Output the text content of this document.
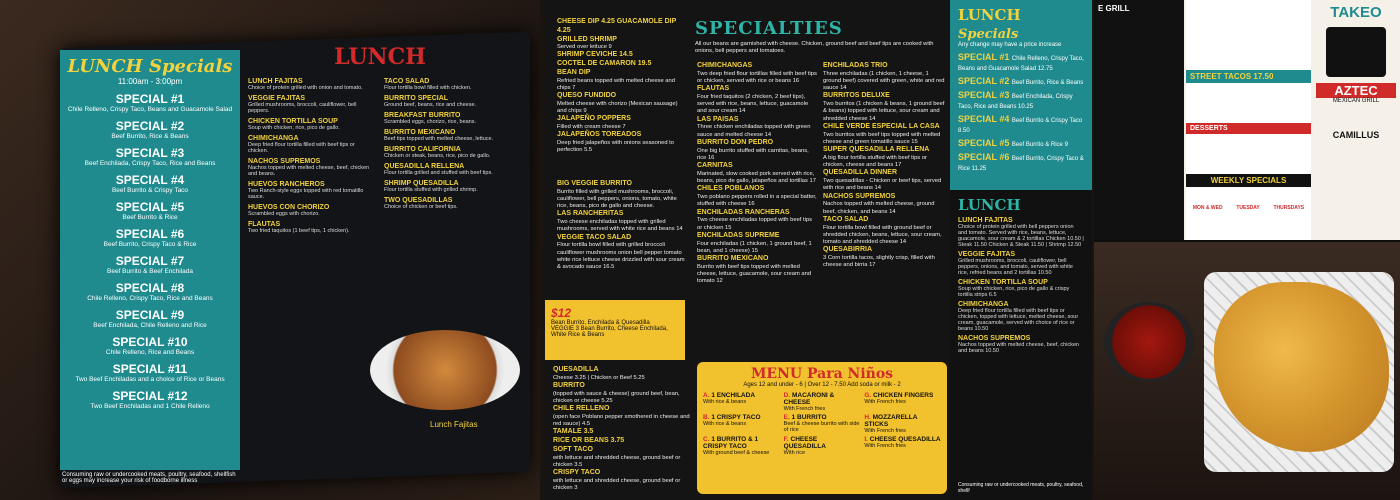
LUNCH Specials
11:00am - 3:00pm
SPECIAL #1
Chile Relleno, Crispy Taco, Beans and Guacamole Salad
SPECIAL #2
Beef Burrito, Rice & Beans
SPECIAL #3
Beef Enchilada, Crispy Taco, Rice and Beans
SPECIAL #4
Beef Burrito & Crispy Taco
SPECIAL #5
Beef Burrito & Rice
SPECIAL #6
Beef Burrito, Crispy Taco & Rice
SPECIAL #7
Beef Burrito & Beef Enchilada
SPECIAL #8
Chile Relleno, Crispy Taco, Rice and Beans
SPECIAL #9
Beef Enchilada, Chile Relleno and Rice
SPECIAL #10
Chile Relleno, Rice and Beans
SPECIAL #11
Two Beef Enchiladas and a choice of Rice or Beans
SPECIAL #12
Two Beef Enchiladas and 1 Chile Relleno
LUNCH
LUNCH FAJITAS
Choice of protein grilled with onion and tomato.
VEGGIE FAJITAS
Grilled mushrooms, broccoli, cauliflower, bell peppers.
CHICKEN TORTILLA SOUP
Soup with chicken, rice, pico de gallo.
CHIMICHANGA
Deep fried flour tortilla filled with beef tips or chicken.
NACHOS SUPREMOS
Nachos topped with melted cheese, beef, chicken and beans.
HUEVOS RANCHEROS
Two Ranch-style eggs topped with red tomatillo sauce.
HUEVOS CON CHORIZO
Scrambled eggs with chorizo.
FLAUTAS
Two fried taquitos (1 beef tips, 1 chicken).
TACO SALAD
Flour tortilla bowl filled with chicken.
BURRITO SPECIAL
Ground beef, beans, rice and cheese.
BREAKFAST BURRITO
Scrambled eggs, chorizo, rice, beans.
BURRITO MEXICANO
Beef tips topped with melted cheese, lettuce.
BURRITO CALIFORNIA
Chicken or steak, beans, rice, pico de gallo.
QUESADILLA RELLENA
Flour tortilla grilled and stuffed with beef tips.
SHRIMP QUESADILLA
Flour tortilla stuffed with grilled shrimp.
TWO QUESADILLAS
Choice of chicken or beef tips.
Lunch Fajitas
Consuming raw or undercooked meats, poultry, seafood, shellfish or eggs may increase your risk of foodborne illness
CHEESE DIP 4.25 GUACAMOLE DIP 4.25
GRILLED SHRIMP
Served over lettuce 9
SHRIMP CEVICHE 14.5
COCTEL DE CAMARON 19.5
BEAN DIP
Refried beans topped with melted cheese and chips 7
QUESO FUNDIDO
Melted cheese with chorizo (Mexican sausage) and chips 9
JALAPEÑO POPPERS
Filled with cream cheese 7
JALAPEÑOS TOREADOS
Deep fried jalapeños with onions seasoned to perfection 5.5
SPECIALTIES
All our beans are garnished with cheese. Chicken, ground beef and beef tips are cooked with onions, bell peppers and tomatoes.
BIG VEGGIE BURRITO
Burrito filled with grilled mushrooms, broccoli, cauliflower, bell peppers, onions, tomato, white rice, beans, pico de gallo and cheese.
LAS RANCHERITAS
Two cheese enchiladas topped with grilled mushrooms, served with white rice and beans 14
VEGGIE TACO SALAD
Flour tortilla bowl filled with grilled broccoli cauliflower mushrooms onion bell pepper tomato white rice lettuce cheese drizzled with sour cream & avocado sauce 16.5
CHIMICHANGAS
Two deep fried flour tortillas filled with beef tips or chicken, served with rice or beans 16
FLAUTAS
Four fried taquitos (2 chicken, 2 beef tips), served with rice, beans, lettuce, guacamole and sour cream 14
LAS PAISAS
Three chicken enchiladas topped with green sauce and melted cheese 14
BURRITO DON PEDRO
One big burrito stuffed with carnitas, beans, rice 16
CARNITAS
Marinated, slow cooked pork served with rice, beans, pico de gallo, jalapeños and tortillas 17
CHILES POBLANOS
Two poblano peppers rolled in a special batter, stuffed with cheese 16
ENCHILADAS RANCHERAS
Two cheese enchiladas topped with beef tips or chicken 15
ENCHILADAS SUPREME
Four enchiladas (1 chicken, 1 ground beef, 1 bean, and 1 cheese) 15
BURRITO MEXICANO
Burrito with beef tips topped with melted cheese, lettuce, guacamole, sour cream and tomato 12
ENCHILADAS TRIO
Three enchiladas (1 chicken, 1 cheese, 1 ground beef) covered with green, white and red sauce 14
BURRITOS DELUXE
Two burritos (1 chicken & beans, 1 ground beef & beans) topped with lettuce, sour cream and shredded cheese 14
CHILE VERDE ESPECIAL LA CASA
Two burritos with beef tips topped with melted cheese and green tomatillo sauce 15
SUPER QUESADILLA RELLENA
A big flour tortilla stuffed with beef tips or chicken, cheese and beans 17
QUESADILLA DINNER
Two quesadillas - Chicken or beef tips, served with rice and beans 14
NACHOS SUPREMOS
Nachos topped with melted cheese, ground beef, chicken, and beans 14
TACO SALAD
Flour tortilla bowl filled with ground beef or shredded chicken, beans, lettuce, sour cream, tomato and shredded cheese 14
QUESABIRRIA
3 Corn tortilla tacos, slightly crisp, filled with cheese and birria 17
$12
Bean Burrito, Enchilada & Quesadilla
VEGGIE 3 Bean Burrito, Cheese Enchilada, White Rice & Beans
QUESADILLA
Cheese 3.25 | Chicken or Beef 5.25
BURRITO
(topped with sauce & cheese) ground beef, bean, chicken or cheese 5.25
CHILE RELLENO
(open face Poblano pepper smothered in cheese and red sauce) 4.5
TAMALE 3.5
RICE OR BEANS 3.75
SOFT TACO
with lettuce and shredded cheese, ground beef or chicken 3.5
CRISPY TACO
with lettuce and shredded cheese, ground beef or chicken 3
MENU Para Niños
Ages 12 and under - 6 | Over 12 - 7.50 Add soda or milk - 2
A. 1 ENCHILADA
With rice & beans
D. MACARONI & CHEESE
With French fries
G. CHICKEN FINGERS
With French fries
B. 1 CRISPY TACO
With rice & beans
E. 1 BURRITO
Beef & cheese burrito with side of rice
H. MOZZARELLA STICKS
With French fries
C. 1 BURRITO & 1 CRISPY TACO
With ground beef & cheese
F. CHEESE QUESADILLA
With rice
I. CHEESE QUESADILLA
With French fries
LUNCH Specials
Any change may have a price increase
SPECIAL #1 Chile Relleno, Crispy Taco, Beans and Guacamole Salad 12.75
SPECIAL #2 Beef Burrito, Rice & Beans
SPECIAL #3 Beef Enchilada, Crispy Taco, Rice and Beans 10.25
SPECIAL #4 Beef Burrito & Crispy Taco 8.50
SPECIAL #5 Beef Burrito & Rice 9
SPECIAL #6 Beef Burrito, Crispy Taco & Rice 11.25
LUNCH
LUNCH FAJITAS
Choice of protein grilled with bell peppers onion and tomato. Served with rice, beans, lettuce, guacamole, sour cream & 2 tortillas Chicken 10.50 | Steak 11.50 Chicken & Steak 11.50 | Shrimp 12.50
VEGGIE FAJITAS
Grilled mushrooms, broccoli, cauliflower, bell peppers, onions, and tomato, served with white rice, refried beans and 2 tortillas 10.50
CHICKEN TORTILLA SOUP
Soup with chicken, rice, pico de gallo & crispy tortilla strips 6.5
CHIMICHANGA
Deep fried flour tortilla filled with beef tips or chicken, topped with lettuce, melted cheese, sour cream, guacamole, served with choice of rice or beans 10.50
NACHOS SUPREMOS
Nachos topped with melted cheese, beef, chicken and beans 10.50
Consuming raw or undercooked meats, poultry, seafood, shellf
E GRILL
STREET TACOS 17.50
DESSERTS
WEEKLY SPECIALS
MON & WED	TUESDAY	THURSDAYS
TAKEO
AZTEC
MEXICAN GRILL
CAMILLUS
